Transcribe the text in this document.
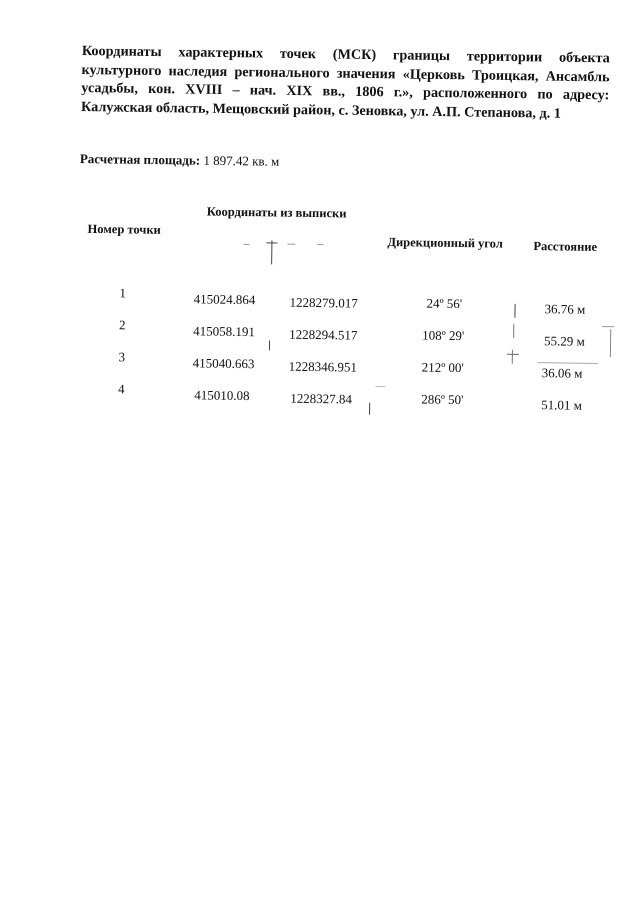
Координаты характерных точек (МСК) границы территории объекта культурного наследия регионального значения «Церковь Троицкая, Ансамбль усадьбы, кон. XVIII – нач. XIX вв., 1806 г.», расположенного по адресу: Калужская область, Мещовский район, с. Зеновка, ул. А.П. Степанова, д. 1
Расчетная площадь: 1 897.42 кв. м
Номер точки
Координаты из выписки
Дирекционный угол Расстояние
1	415024.864	1228279.017	24º 56'	36.76 м
2	415058.191	1228294.517	108º 29'	55.29 м
3	415040.663	1228346.951	212º 00'	36.06 м
4	415010.08	1228327.84	286º 50'	51.01 м
